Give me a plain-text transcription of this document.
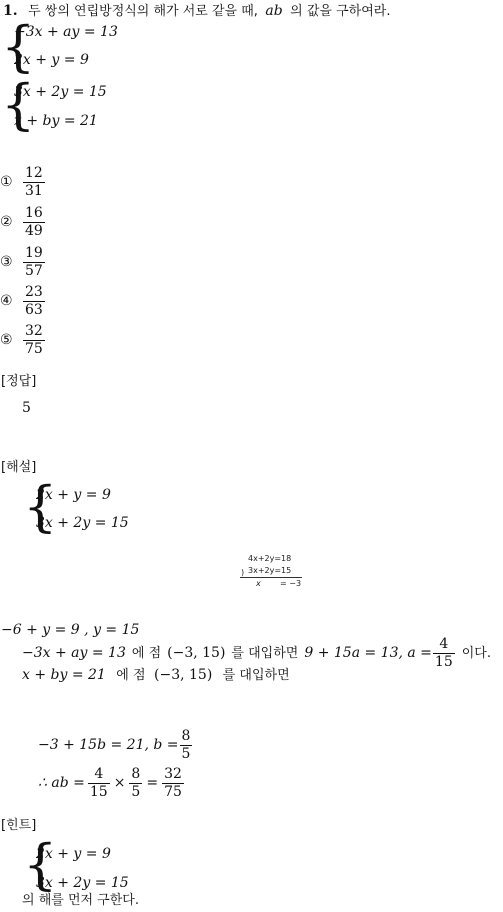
1. 두 쌍의 연립방정식의 해가 서로 같을 때, ab 의 값을 구하여라.
{
−3x + ay = 13
2x + y = 9
{
3x + 2y = 15
x + by = 21
① $\frac{12}{31}$
② $\frac{16}{49}$
③ $\frac{19}{57}$
④ $\frac{23}{63}$
⑤ $\frac{32}{75}$
[정답]
5
[해설]
{
2x + y = 9
3x + 2y = 15
4x+2y=18
) 3x+2y=15
x = −3
−6 + y = 9 , y = 15
−3x + ay = 13 에 점 (−3, 15) 를 대입하면 9 + 15a = 13, $a = \frac{4}{15}$ 이다.
x + by = 21 에 점 (−3, 15) 를 대입하면
−3 + 15b = 21, $b = \frac{8}{5}$
∴ ab = $\frac{4}{15} \times \frac{8}{5} = \frac{32}{75}$
[힌트]
{
2x + y = 9
3x + 2y = 15
의 해를 먼저 구한다.
